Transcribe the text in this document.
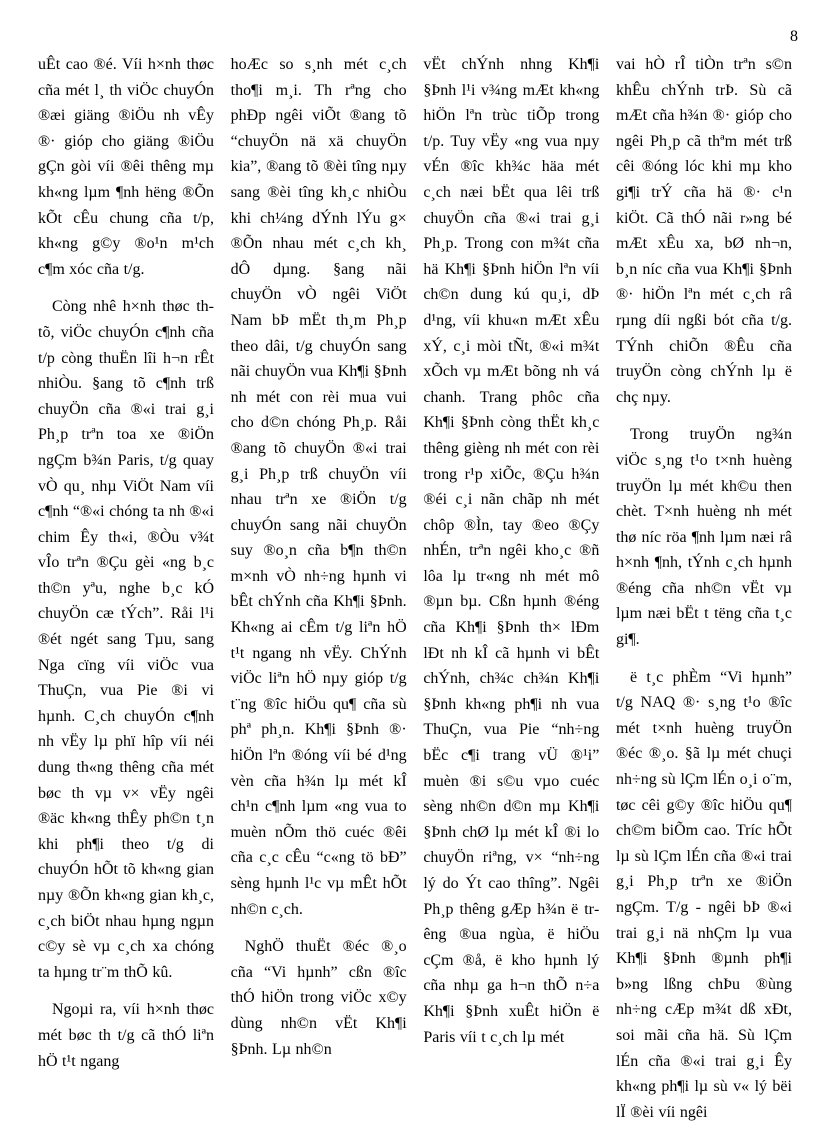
8

uÊt cao ®é. Víi h×nh thøc cña mét l¸ th viÖc chuyÓn ®æi giäng ®iÖu nh vÊy ®· gióp cho giäng ®iÖu gÇn gòi víi ®êi thêng mµ kh«ng lµm ¶nh hëng ®Õn kÕt cÊu chung cña t/p, kh«ng g©y ®o¹n m¹ch c¶m xóc cña t/g.

Còng nhê h×nh thøc th tõ, viÖc chuyÓn c¶nh cña t/p còng thuËn lîi h¬n rÊt nhiÒu. §ang tõ c¶nh trß chuyÖn cña ®«i trai g¸i Ph¸p trªn toa xe ®iÖn ngÇm b¾n Paris, t/g quay vÒ qu¸ nhµ ViÖt Nam víi c¶nh “®«i chóng ta nh ®«i chim Êy th«i, ®Òu v¾t vÎo trªn ®Çu gèi «ng b¸c th©n yªu, nghe b¸c kÓ chuyÖn cæ tÝch”. Råi l¹i ®ét ngét sang Tµu, sang Nga cïng víi viÖc vua ThuÇn, vua Pie ®i vi hµnh. C¸ch chuyÓn c¶nh nh vËy lµ phï hîp víi néi dung th«ng thêng cña mét bøc th vµ v× vËy ngêi ®äc kh«ng thÊy ph©n t¸n khi ph¶i theo t/g di chuyÓn hÕt tõ kh«ng gian nµy ®Õn kh«ng gian kh¸c, c¸ch biÖt nhau hµng ngµn c©y sè vµ c¸ch xa chóng ta hµng tr¨m thÕ kû.

Ngoµi ra, víi h×nh thøc mét bøc th t/g cã thÓ liªn hÖ t¹t ngang

hoÆc so s¸nh mét c¸ch tho¶i m¸i. Th rªng cho phÐp ngêi viÕt ®ang tõ “chuyÖn nä xä chuyÖn kia”, ®ang tõ ®èi tîng nµy sang ®èi tîng kh¸c nhiÒu khi ch¼ng dÝnh lÝu g× ®Õn nhau mét c¸ch kh¸ dÔ dµng. §ang nãi chuyÖn vÒ ngêi ViÖt Nam bÞ mËt th¸m Ph¸p theo dâi, t/g chuyÓn sang nãi chuyÖn vua Kh¶i §Þnh nh mét con rèi mua vui cho d©n chóng Ph¸p. Råi ®ang tõ chuyÖn ®«i trai g¸i Ph¸p trß chuyÖn víi nhau trªn xe ®iÖn t/g chuyÓn sang nãi chuyÖn suy ®o¸n cña b¶n th©n m×nh vÒ nh÷ng hµnh vi bÊt chÝnh cña Kh¶i §Þnh. Kh«ng ai cÊm t/g liªn hÖ t¹t ngang nh vËy. ChÝnh viÖc liªn hÖ nµy gióp t/g t¨ng ®îc hiÖu qu¶ cña sù phª ph¸n. Kh¶i §Þnh ®· hiÖn lªn ®óng víi bé d¹ng vèn cña h¾n lµ mét kÎ ch¹n c¶nh lµm «ng vua to muèn nÕm thö cuéc ®êi cña c¸c cÊu “c«ng tö bÐ” sèng hµnh l¹c vµ mÊt hÕt nh©n c¸ch.

NghÖ thuËt ®éc ®¸o cña “Vi hµnh” cßn ®îc thÓ hiÖn trong viÖc x©y dùng nh©n vËt Kh¶i §Þnh. Lµ nh©n

vËt chÝnh nhng Kh¶i §Þnh l¹i v¾ng mÆt kh«ng hiÖn lªn trùc tiÕp trong t/p. Tuy vËy «ng vua nµy vÉn ®îc kh¾c häa mét c¸ch næi bËt qua lêi trß chuyÖn cña ®«i trai g¸i Ph¸p. Trong con m¾t cña hä Kh¶i §Þnh hiÖn lªn víi ch©n dung kú qu¸i, dÞ d¹ng, víi khu«n mÆt xÊu xÝ, c¸i mòi tÑt, ®«i m¾t xÕch vµ mÆt bõng nh vá chanh. Trang phôc cña Kh¶i §Þnh còng thËt kh¸c thêng gièng nh mét con rèi trong r¹p xiÕc, ®Çu h¾n ®éi c¸i nãn chãp nh mét chôp ®Ìn, tay ®eo ®Çy nhÉn, trªn ngêi kho¸c ®ñ lôa lµ tr«ng nh mét mô ®µn bµ. Cßn hµnh ®éng cña Kh¶i §Þnh th× lÐm lÐt nh kÎ cã hµnh vi bÊt chÝnh, ch¾c ch¾n Kh¶i §Þnh kh«ng ph¶i nh vua ThuÇn, vua Pie “nh÷ng bËc c¶i trang vÜ ®¹i” muèn ®i s©u vµo cuéc sèng nh©n d©n mµ Kh¶i §Þnh chØ lµ mét kÎ ®i lo chuyÖn riªng, v× “nh÷ng lý do Ýt cao thîng”. Ngêi Ph¸p thêng gÆp h¾n ë trêng ®ua ngùa, ë hiÖu cÇm ®å, ë kho hµnh lý cña nhµ ga h¬n thÕ n÷a Kh¶i §Þnh xuÊt hiÖn ë Paris víi t c¸ch lµ mét

vai hÒ rÎ tiÒn trªn s©n khÊu chÝnh trÞ. Sù cã mÆt cña h¾n ®· gióp cho ngêi Ph¸p cã thªm mét trß cêi ®óng lóc khi mµ kho gi¶i trÝ cña hä ®· c¹n kiÖt. Cã thÓ nãi r»ng bé mÆt xÊu xa, bØ nh¬n, b¸n níc cña vua Kh¶i §Þnh ®· hiÖn lªn mét c¸ch râ rµng díi ngßi bót cña t/g. TÝnh chiÕn ®Êu cña truyÖn còng chÝnh lµ ë chç nµy.

Trong truyÖn ng¾n viÖc s¸ng t¹o t×nh huèng truyÖn lµ mét kh©u then chèt. T×nh huèng nh mét thø níc röa ¶nh lµm næi râ h×nh ¶nh, tÝnh c¸ch hµnh ®éng cña nh©n vËt vµ lµm næi bËt t tëng cña t¸c gi¶.

ë t¸c phÈm “Vi hµnh” t/g NAQ ®· s¸ng t¹o ®îc mét t×nh huèng truyÖn ®éc ®¸o. §ã lµ mét chuçi nh÷ng sù lÇm lÉn o¸i o¨m, tøc cêi g©y ®îc hiÖu qu¶ ch©m biÕm cao. Tríc hÕt lµ sù lÇm lÉn cña ®«i trai g¸i Ph¸p trªn xe ®iÖn ngÇm. T/g - ngêi bÞ ®«i trai g¸i nä nhÇm lµ vua Kh¶i §Þnh ®µnh ph¶i b»ng lßng chÞu ®ùng nh÷ng cÆp m¾t dß xÐt, soi mãi cña hä. Sù lÇm lÉn cña ®«i trai g¸i Êy kh«ng ph¶i lµ sù v« lý bëi lÏ ®èi víi ngêi
